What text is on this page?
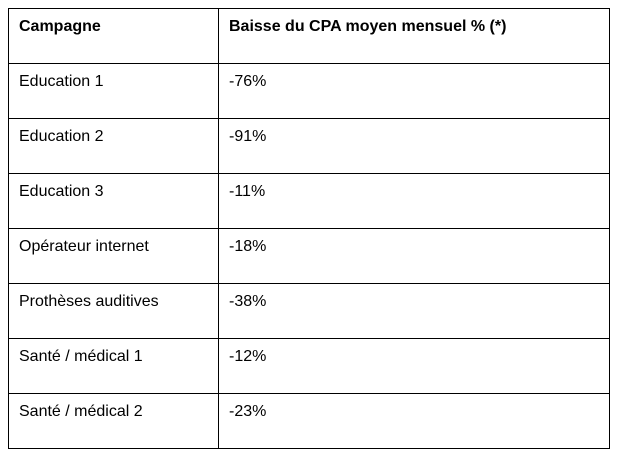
Campagne	Baisse du CPA moyen mensuel % (*)
Education 1	-76%
Education 2	-91%
Education 3	-11%
Opérateur internet	-18%
Prothèses auditives	-38%
Santé / médical 1	-12%
Santé / médical 2	-23%
